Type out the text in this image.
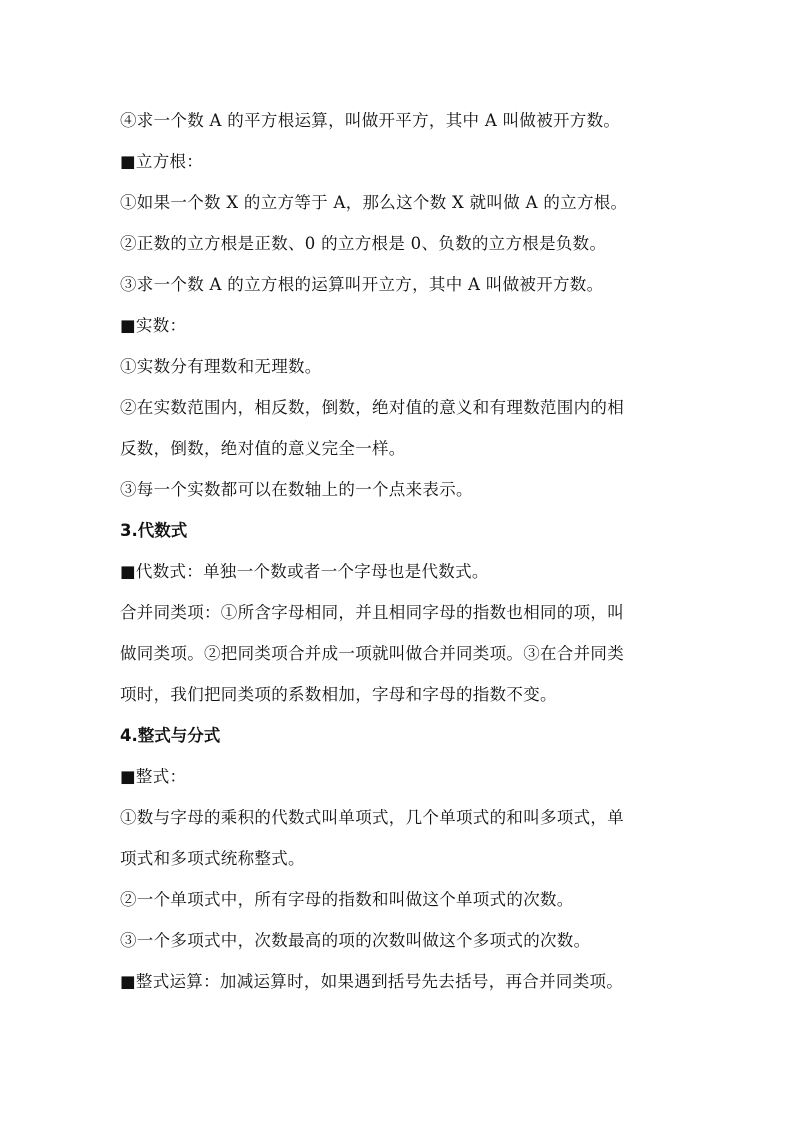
④求一个数 A 的平方根运算，叫做开平方，其中 A 叫做被开方数。

■立方根：

①如果一个数 X 的立方等于 A，那么这个数 X 就叫做 A 的立方根。

②正数的立方根是正数、0 的立方根是 0、负数的立方根是负数。

③求一个数 A 的立方根的运算叫开立方，其中 A 叫做被开方数。

■实数：

①实数分有理数和无理数。

②在实数范围内，相反数，倒数，绝对值的意义和有理数范围内的相

反数，倒数，绝对值的意义完全一样。

③每一个实数都可以在数轴上的一个点来表示。

3.代数式

■代数式：单独一个数或者一个字母也是代数式。

合并同类项：①所含字母相同，并且相同字母的指数也相同的项，叫

做同类项。②把同类项合并成一项就叫做合并同类项。③在合并同类

项时，我们把同类项的系数相加，字母和字母的指数不变。

4.整式与分式

■整式：

①数与字母的乘积的代数式叫单项式，几个单项式的和叫多项式，单

项式和多项式统称整式。

②一个单项式中，所有字母的指数和叫做这个单项式的次数。

③一个多项式中，次数最高的项的次数叫做这个多项式的次数。

■整式运算：加减运算时，如果遇到括号先去括号，再合并同类项。
